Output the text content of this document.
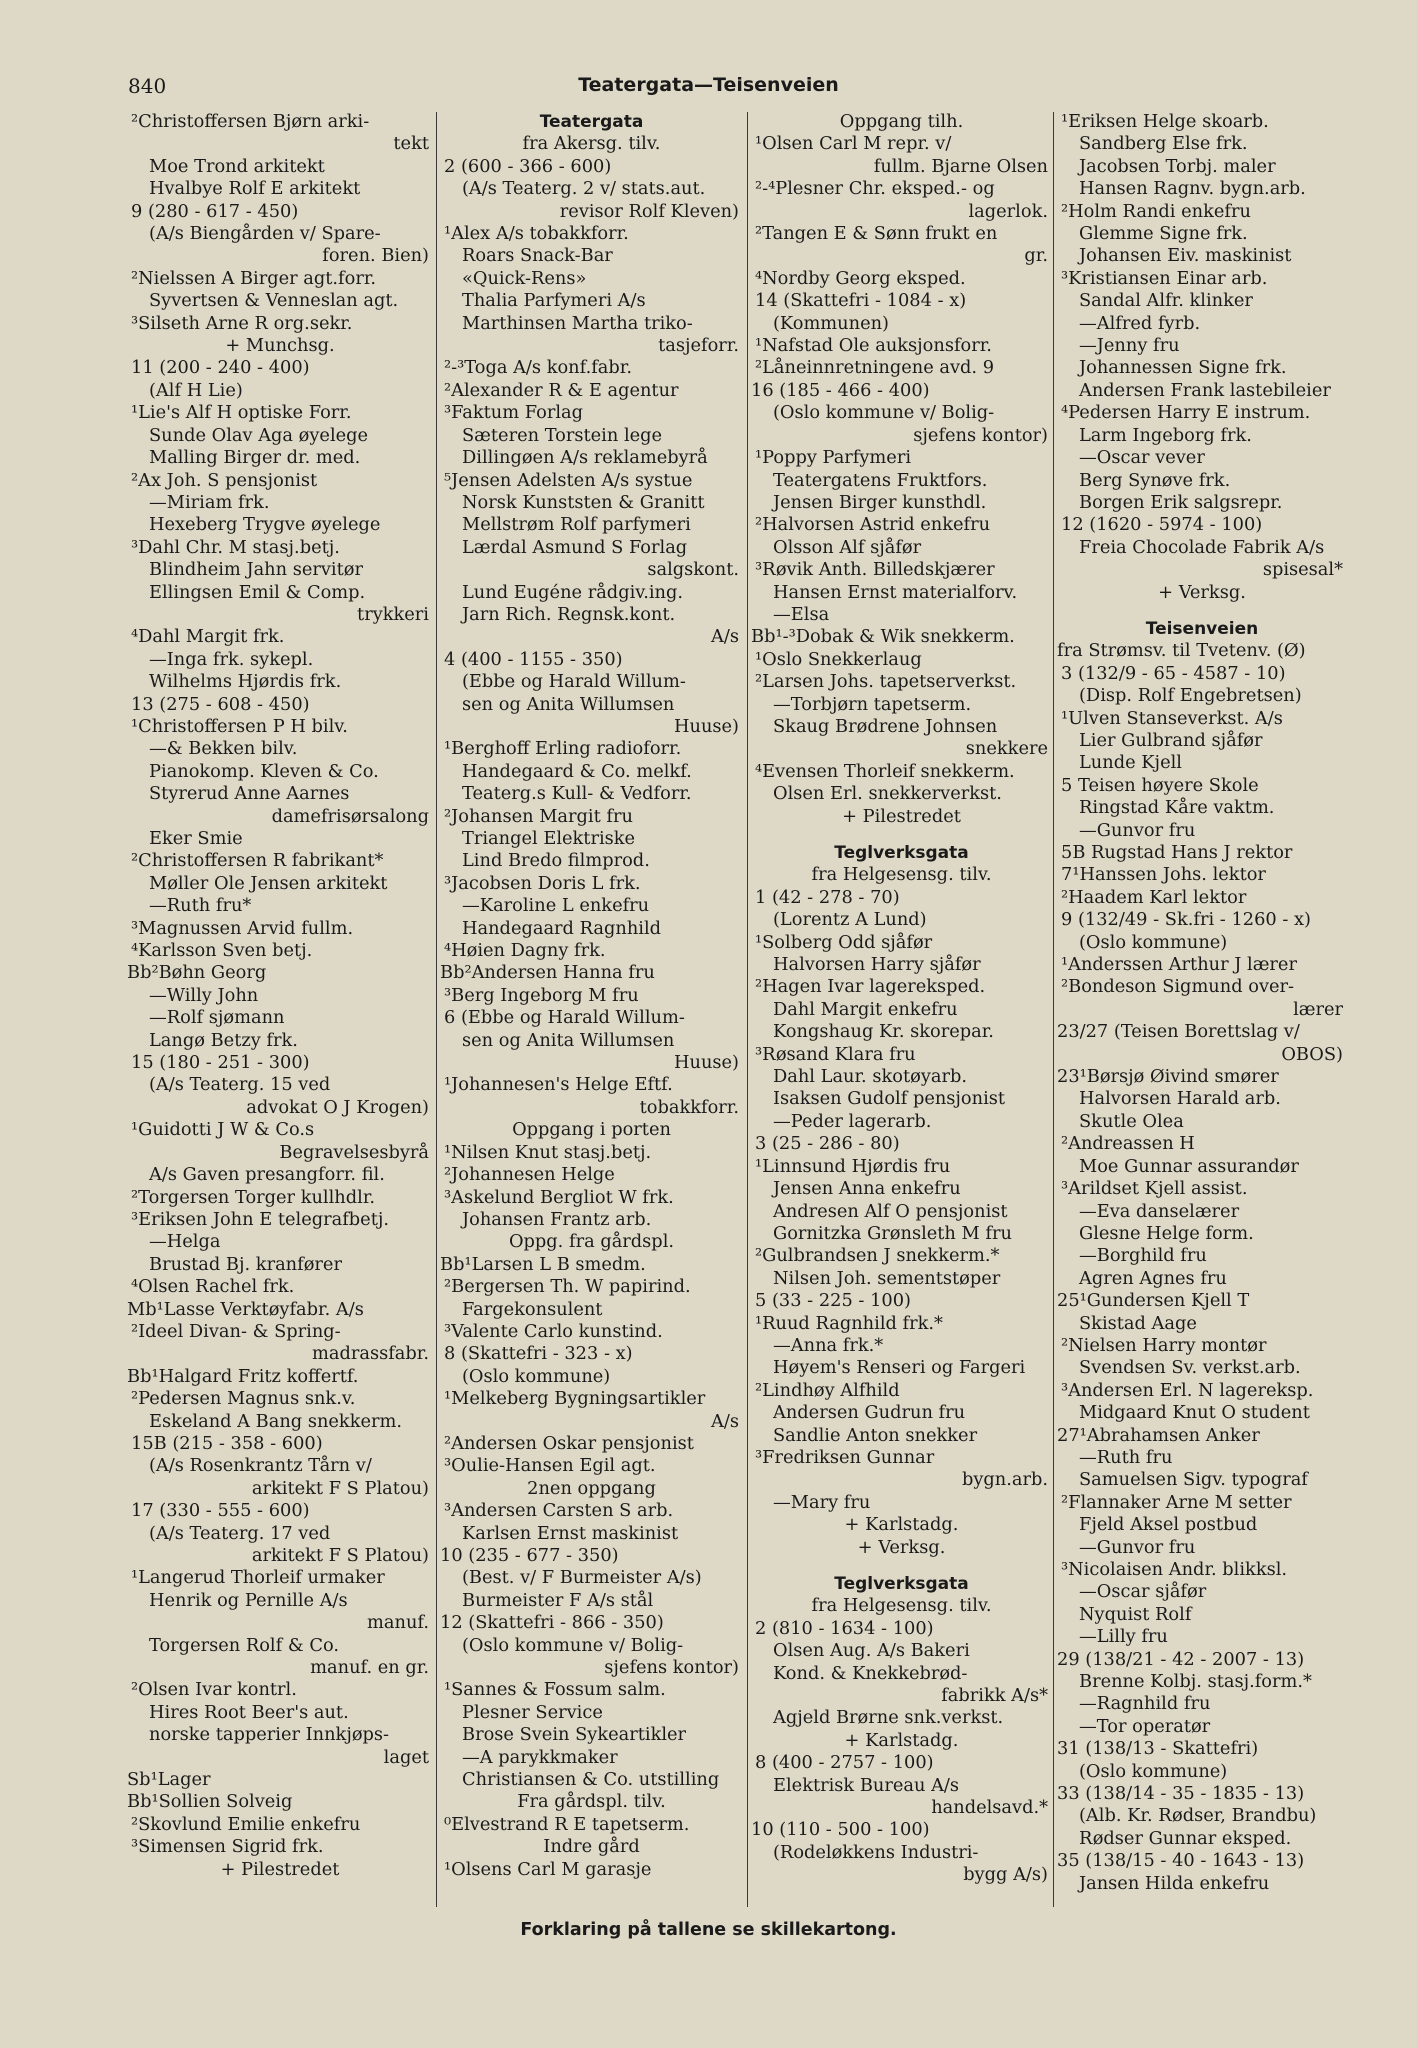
840	Teatergata—Teisenveien
²Christoffersen Bjørn arki-
tekt
Moe Trond arkitekt
Hvalbye Rolf E arkitekt
9 (280 - 617 - 450)
(A/s Biengården v/ Spare-
foren. Bien)
²Nielssen A Birger agt.forr.
Syvertsen & Venneslan agt.
³Silseth Arne R org.sekr.
+ Munchsg.
11 (200 - 240 - 400)
(Alf H Lie)
¹Lie's Alf H optiske Forr.
Sunde Olav Aga øyelege
Malling Birger dr. med.
²Ax Joh. S pensjonist
—Miriam frk.
Hexeberg Trygve øyelege
³Dahl Chr. M stasj.betj.
Blindheim Jahn servitør
Ellingsen Emil & Comp.
trykkeri
⁴Dahl Margit frk.
—Inga frk. sykepl.
Wilhelms Hjørdis frk.
13 (275 - 608 - 450)
¹Christoffersen P H bilv.
—& Bekken bilv.
Pianokomp. Kleven & Co.
Styrerud Anne Aarnes
damefrisørsalong
Eker Smie
²Christoffersen R fabrikant*
Møller Ole Jensen arkitekt
—Ruth fru*
³Magnussen Arvid fullm.
⁴Karlsson Sven betj.
Bb²Bøhn Georg
—Willy John
—Rolf sjømann
Langø Betzy frk.
15 (180 - 251 - 300)
(A/s Teaterg. 15 ved
advokat O J Krogen)
¹Guidotti J W & Co.s
Begravelsesbyrå
A/s Gaven presangforr. fil.
²Torgersen Torger kullhdlr.
³Eriksen John E telegrafbetj.
—Helga
Brustad Bj. kranfører
⁴Olsen Rachel frk.
Mb¹Lasse Verktøyfabr. A/s
²Ideel Divan- & Spring-
madrassfabr.
Bb¹Halgard Fritz koffertf.
²Pedersen Magnus snk.v.
Eskeland A Bang snekkerm.
15B (215 - 358 - 600)
(A/s Rosenkrantz Tårn v/
arkitekt F S Platou)
17 (330 - 555 - 600)
(A/s Teaterg. 17 ved
arkitekt F S Platou)
¹Langerud Thorleif urmaker
Henrik og Pernille A/s
manuf.
Torgersen Rolf & Co.
manuf. en gr.
²Olsen Ivar kontrl.
Hires Root Beer's aut.
norske tapperier Innkjøps-
laget
Sb¹Lager
Bb¹Sollien Solveig
²Skovlund Emilie enkefru
³Simensen Sigrid frk.
+ Pilestredet
Teatergata
fra Akersg. tilv.
2 (600 - 366 - 600)
(A/s Teaterg. 2 v/ stats.aut.
revisor Rolf Kleven)
¹Alex A/s tobakkforr.
Roars Snack-Bar
«Quick-Rens»
Thalia Parfymeri A/s
Marthinsen Martha triko-
tasjeforr.
²-³Toga A/s konf.fabr.
²Alexander R & E agentur
³Faktum Forlag
Sæteren Torstein lege
Dillingøen A/s reklamebyrå
⁵Jensen Adelsten A/s systue
Norsk Kunststen & Granitt
Mellstrøm Rolf parfymeri
Lærdal Asmund S Forlag
salgskont.
Lund Eugéne rådgiv.ing.
Jarn Rich. Regnsk.kont.
A/s
4 (400 - 1155 - 350)
(Ebbe og Harald Willum-
sen og Anita Willumsen
Huuse)
¹Berghoff Erling radioforr.
Handegaard & Co. melkf.
Teaterg.s Kull- & Vedforr.
²Johansen Margit fru
Triangel Elektriske
Lind Bredo filmprod.
³Jacobsen Doris L frk.
—Karoline L enkefru
Handegaard Ragnhild
⁴Høien Dagny frk.
Bb²Andersen Hanna fru
³Berg Ingeborg M fru
6 (Ebbe og Harald Willum-
sen og Anita Willumsen
Huuse)
¹Johannesen's Helge Eftf.
tobakkforr.
Oppgang i porten
¹Nilsen Knut stasj.betj.
²Johannesen Helge
³Askelund Bergliot W frk.
Johansen Frantz arb.
Oppg. fra gårdspl.
Bb¹Larsen L B smedm.
²Bergersen Th. W papirind.
Fargekonsulent
³Valente Carlo kunstind.
8 (Skattefri - 323 - x)
(Oslo kommune)
¹Melkeberg Bygningsartikler
A/s
²Andersen Oskar pensjonist
³Oulie-Hansen Egil agt.
2nen oppgang
³Andersen Carsten S arb.
Karlsen Ernst maskinist
10 (235 - 677 - 350)
(Best. v/ F Burmeister A/s)
Burmeister F A/s stål
12 (Skattefri - 866 - 350)
(Oslo kommune v/ Bolig-
sjefens kontor)
¹Sannes & Fossum salm.
Plesner Service
Brose Svein Sykeartikler
—A parykkmaker
Christiansen & Co. utstilling
Fra gårdspl. tilv.
⁰Elvestrand R E tapetserm.
Indre gård
¹Olsens Carl M garasje
Oppgang tilh.
¹Olsen Carl M repr. v/
fullm. Bjarne Olsen
²-⁴Plesner Chr. eksped.- og
lagerlok.
²Tangen E & Sønn frukt en
gr.
⁴Nordby Georg eksped.
14 (Skattefri - 1084 - x)
(Kommunen)
¹Nafstad Ole auksjonsforr.
²Låneinnretningene avd. 9
16 (185 - 466 - 400)
(Oslo kommune v/ Bolig-
sjefens kontor)
¹Poppy Parfymeri
Teatergatens Fruktfors.
Jensen Birger kunsthdl.
²Halvorsen Astrid enkefru
Olsson Alf sjåfør
³Røvik Anth. Billedskjærer
Hansen Ernst materialforv.
—Elsa
Bb¹-³Dobak & Wik snekkerm.
¹Oslo Snekkerlaug
²Larsen Johs. tapetserverkst.
—Torbjørn tapetserm.
Skaug Brødrene Johnsen
snekkere
⁴Evensen Thorleif snekkerm.
Olsen Erl. snekkerverkst.
+ Pilestredet
Teglverksgata
fra Helgesensg. tilv.
1 (42 - 278 - 70)
(Lorentz A Lund)
¹Solberg Odd sjåfør
Halvorsen Harry sjåfør
²Hagen Ivar lagereksped.
Dahl Margit enkefru
Kongshaug Kr. skorepar.
³Røsand Klara fru
Dahl Laur. skotøyarb.
Isaksen Gudolf pensjonist
—Peder lagerarb.
3 (25 - 286 - 80)
¹Linnsund Hjørdis fru
Jensen Anna enkefru
Andresen Alf O pensjonist
Gornitzka Grønsleth M fru
²Gulbrandsen J snekkerm.*
Nilsen Joh. sementstøper
5 (33 - 225 - 100)
¹Ruud Ragnhild frk.*
—Anna frk.*
Høyem's Renseri og Fargeri
²Lindhøy Alfhild
Andersen Gudrun fru
Sandlie Anton snekker
³Fredriksen Gunnar
bygn.arb.
—Mary fru
+ Karlstadg.
+ Verksg.
Teglverksgata
fra Helgesensg. tilv.
2 (810 - 1634 - 100)
Olsen Aug. A/s Bakeri
Kond. & Knekkebrød-
fabrikk A/s*
Agjeld Brørne snk.verkst.
+ Karlstadg.
8 (400 - 2757 - 100)
Elektrisk Bureau A/s
handelsavd.*
10 (110 - 500 - 100)
(Rodeløkkens Industri-
bygg A/s)
¹Eriksen Helge skoarb.
Sandberg Else frk.
Jacobsen Torbj. maler
Hansen Ragnv. bygn.arb.
²Holm Randi enkefru
Glemme Signe frk.
Johansen Eiv. maskinist
³Kristiansen Einar arb.
Sandal Alfr. klinker
—Alfred fyrb.
—Jenny fru
Johannessen Signe frk.
Andersen Frank lastebileier
⁴Pedersen Harry E instrum.
Larm Ingeborg frk.
—Oscar vever
Berg Synøve frk.
Borgen Erik salgsrepr.
12 (1620 - 5974 - 100)
Freia Chocolade Fabrik A/s
spisesal*
+ Verksg.
Teisenveien
fra Strømsv. til Tvetenv. (Ø)
3 (132/9 - 65 - 4587 - 10)
(Disp. Rolf Engebretsen)
¹Ulven Stanseverkst. A/s
Lier Gulbrand sjåfør
Lunde Kjell
5 Teisen høyere Skole
Ringstad Kåre vaktm.
—Gunvor fru
5B Rugstad Hans J rektor
7¹Hanssen Johs. lektor
²Haadem Karl lektor
9 (132/49 - Sk.fri - 1260 - x)
(Oslo kommune)
¹Anderssen Arthur J lærer
²Bondeson Sigmund over-
lærer
23/27 (Teisen Borettslag v/
OBOS)
23¹Børsjø Øivind smører
Halvorsen Harald arb.
Skutle Olea
²Andreassen H
Moe Gunnar assurandør
³Arildset Kjell assist.
—Eva danselærer
Glesne Helge form.
—Borghild fru
Agren Agnes fru
25¹Gundersen Kjell T
Skistad Aage
²Nielsen Harry montør
Svendsen Sv. verkst.arb.
³Andersen Erl. N lagereksp.
Midgaard Knut O student
27¹Abrahamsen Anker
—Ruth fru
Samuelsen Sigv. typograf
²Flannaker Arne M setter
Fjeld Aksel postbud
—Gunvor fru
³Nicolaisen Andr. blikksl.
—Oscar sjåfør
Nyquist Rolf
—Lilly fru
29 (138/21 - 42 - 2007 - 13)
Brenne Kolbj. stasj.form.*
—Ragnhild fru
—Tor operatør
31 (138/13 - Skattefri)
(Oslo kommune)
33 (138/14 - 35 - 1835 - 13)
(Alb. Kr. Rødser, Brandbu)
Rødser Gunnar eksped.
35 (138/15 - 40 - 1643 - 13)
Jansen Hilda enkefru
Forklaring på tallene se skillekartong.
